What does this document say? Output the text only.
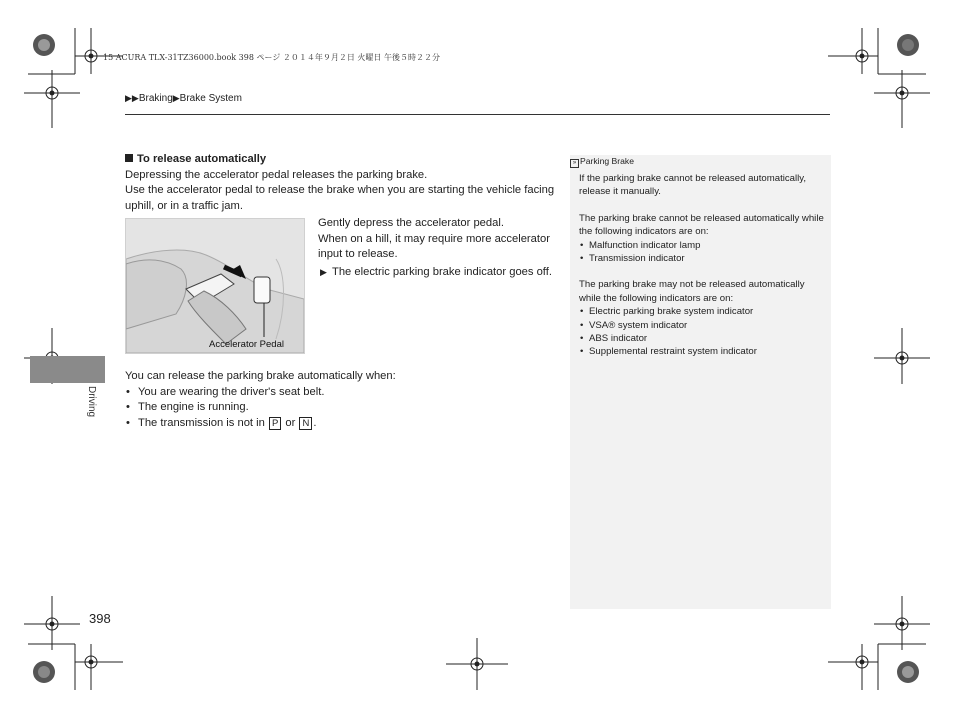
15 ACURA TLX-31TZ36000.book 398 ページ ２０１４年９月２日 火曜日 午後５時２２分
▶▶Braking▶Brake System
Driving
To release automatically

Depressing the accelerator pedal releases the parking brake.

Use the accelerator pedal to release the brake when you are starting the vehicle facing uphill, or in a traffic jam.

Accelerator Pedal
Gently depress the accelerator pedal.
When on a hill, it may require more accelerator input to release.
▶ The electric parking brake indicator goes off.
You can release the parking brake automatically when:
• You are wearing the driver's seat belt.
• The engine is running.
• The transmission is not in P or N .
» Parking Brake
If the parking brake cannot be released automatically, release it manually.
The parking brake cannot be released automatically while the following indicators are on:
• Malfunction indicator lamp
• Transmission indicator
The parking brake may not be released automatically while the following indicators are on:
• Electric parking brake system indicator
• VSA® system indicator
• ABS indicator
• Supplemental restraint system indicator
398
